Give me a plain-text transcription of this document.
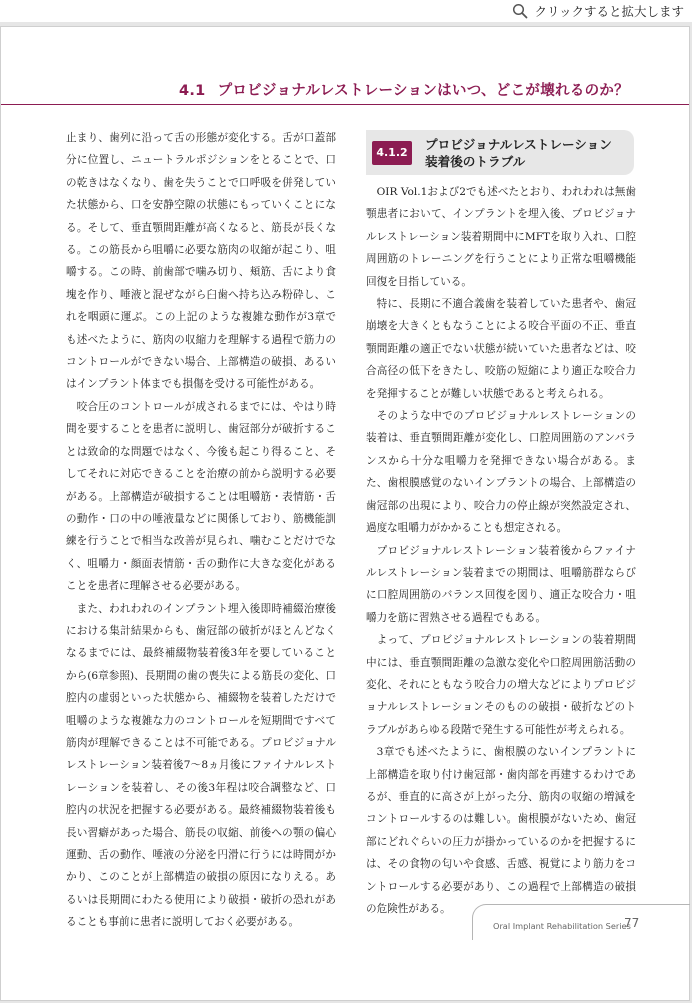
クリックすると拡大します
4.1 プロビジョナルレストレーションはいつ、どこが壊れるのか？

止まり、歯列に沿って舌の形態が変化する。舌が口蓋部分に位置し、ニュートラルポジションをとることで、口の乾きはなくなり、歯を失うことで口呼吸を併発していた状態から、口を安静空隙の状態にもっていくことになる。そして、垂直顎間距離が高くなると、筋長が長くなる。この筋長から咀嚼に必要な筋肉の収縮が起こり、咀嚼する。この時、前歯部で噛み切り、頬筋、舌により食塊を作り、唾液と混ぜながら臼歯へ持ち込み粉砕し、これを咽頭に運ぶ。この上記のような複雑な動作が3章でも述べたように、筋肉の収縮力を理解する過程で筋力のコントロールができない場合、上部構造の破損、あるいはインプラント体までも損傷を受ける可能性がある。

咬合圧のコントロールが成されるまでには、やはり時間を要することを患者に説明し、歯冠部分が破折することは致命的な問題ではなく、今後も起こり得ること、そしてそれに対応できることを治療の前から説明する必要がある。上部構造が破損することは咀嚼筋・表情筋・舌の動作・口の中の唾液量などに関係しており、筋機能訓練を行うことで相当な改善が見られ、噛むことだけでなく、咀嚼力・顔面表情筋・舌の動作に大きな変化があることを患者に理解させる必要がある。

また、われわれのインプラント埋入後即時補綴治療後における集計結果からも、歯冠部の破折がほとんどなくなるまでには、最終補綴物装着後3年を要していることから(6章参照)、長期間の歯の喪失による筋長の変化、口腔内の虚弱といった状態から、補綴物を装着しただけで咀嚼のような複雑な力のコントロールを短期間ですべて筋肉が理解できることは不可能である。プロビジョナルレストレーション装着後7～8ヵ月後にファイナルレストレーションを装着し、その後3年程は咬合調整など、口腔内の状況を把握する必要がある。最終補綴物装着後も長い習癖があった場合、筋長の収縮、前後への顎の偏心運動、舌の動作、唾液の分泌を円滑に行うには時間がかかり、このことが上部構造の破損の原因になりえる。あるいは長期間にわたる使用により破損・破折の恐れがあることも事前に患者に説明しておく必要がある。

4.1.2
プロビジョナルレストレーション
装着後のトラブル

OIR Vol.1および2でも述べたとおり、われわれは無歯顎患者において、インプラントを埋入後、プロビジョナルレストレーション装着期間中にMFTを取り入れ、口腔周囲筋のトレーニングを行うことにより正常な咀嚼機能回復を目指している。

特に、長期に不適合義歯を装着していた患者や、歯冠崩壊を大きくともなうことによる咬合平面の不正、垂直顎間距離の適正でない状態が続いていた患者などは、咬合高径の低下をきたし、咬筋の短縮により適正な咬合力を発揮することが難しい状態であると考えられる。

そのような中でのプロビジョナルレストレーションの装着は、垂直顎間距離が変化し、口腔周囲筋のアンバランスから十分な咀嚼力を発揮できない場合がある。また、歯根膜感覚のないインプラントの場合、上部構造の歯冠部の出現により、咬合力の停止線が突然設定され、過度な咀嚼力がかかることも想定される。

プロビジョナルレストレーション装着後からファイナルレストレーション装着までの期間は、咀嚼筋群ならびに口腔周囲筋のバランス回復を図り、適正な咬合力・咀嚼力を筋に習熟させる過程でもある。

よって、プロビジョナルレストレーションの装着期間中には、垂直顎間距離の急激な変化や口腔周囲筋活動の変化、それにともなう咬合力の増大などによりプロビジョナルレストレーションそのものの破損・破折などのトラブルがあらゆる段階で発生する可能性が考えられる。

3章でも述べたように、歯根膜のないインプラントに上部構造を取り付け歯冠部・歯肉部を再建するわけであるが、垂直的に高さが上がった分、筋肉の収縮の増減をコントロールするのは難しい。歯根膜がないため、歯冠部にどれぐらいの圧力が掛かっているのかを把握するには、その食物の匂いや食感、舌感、視覚により筋力をコントロールする必要があり、この過程で上部構造の破損の危険性がある。

Oral Implant Rehabilitation Series
77
